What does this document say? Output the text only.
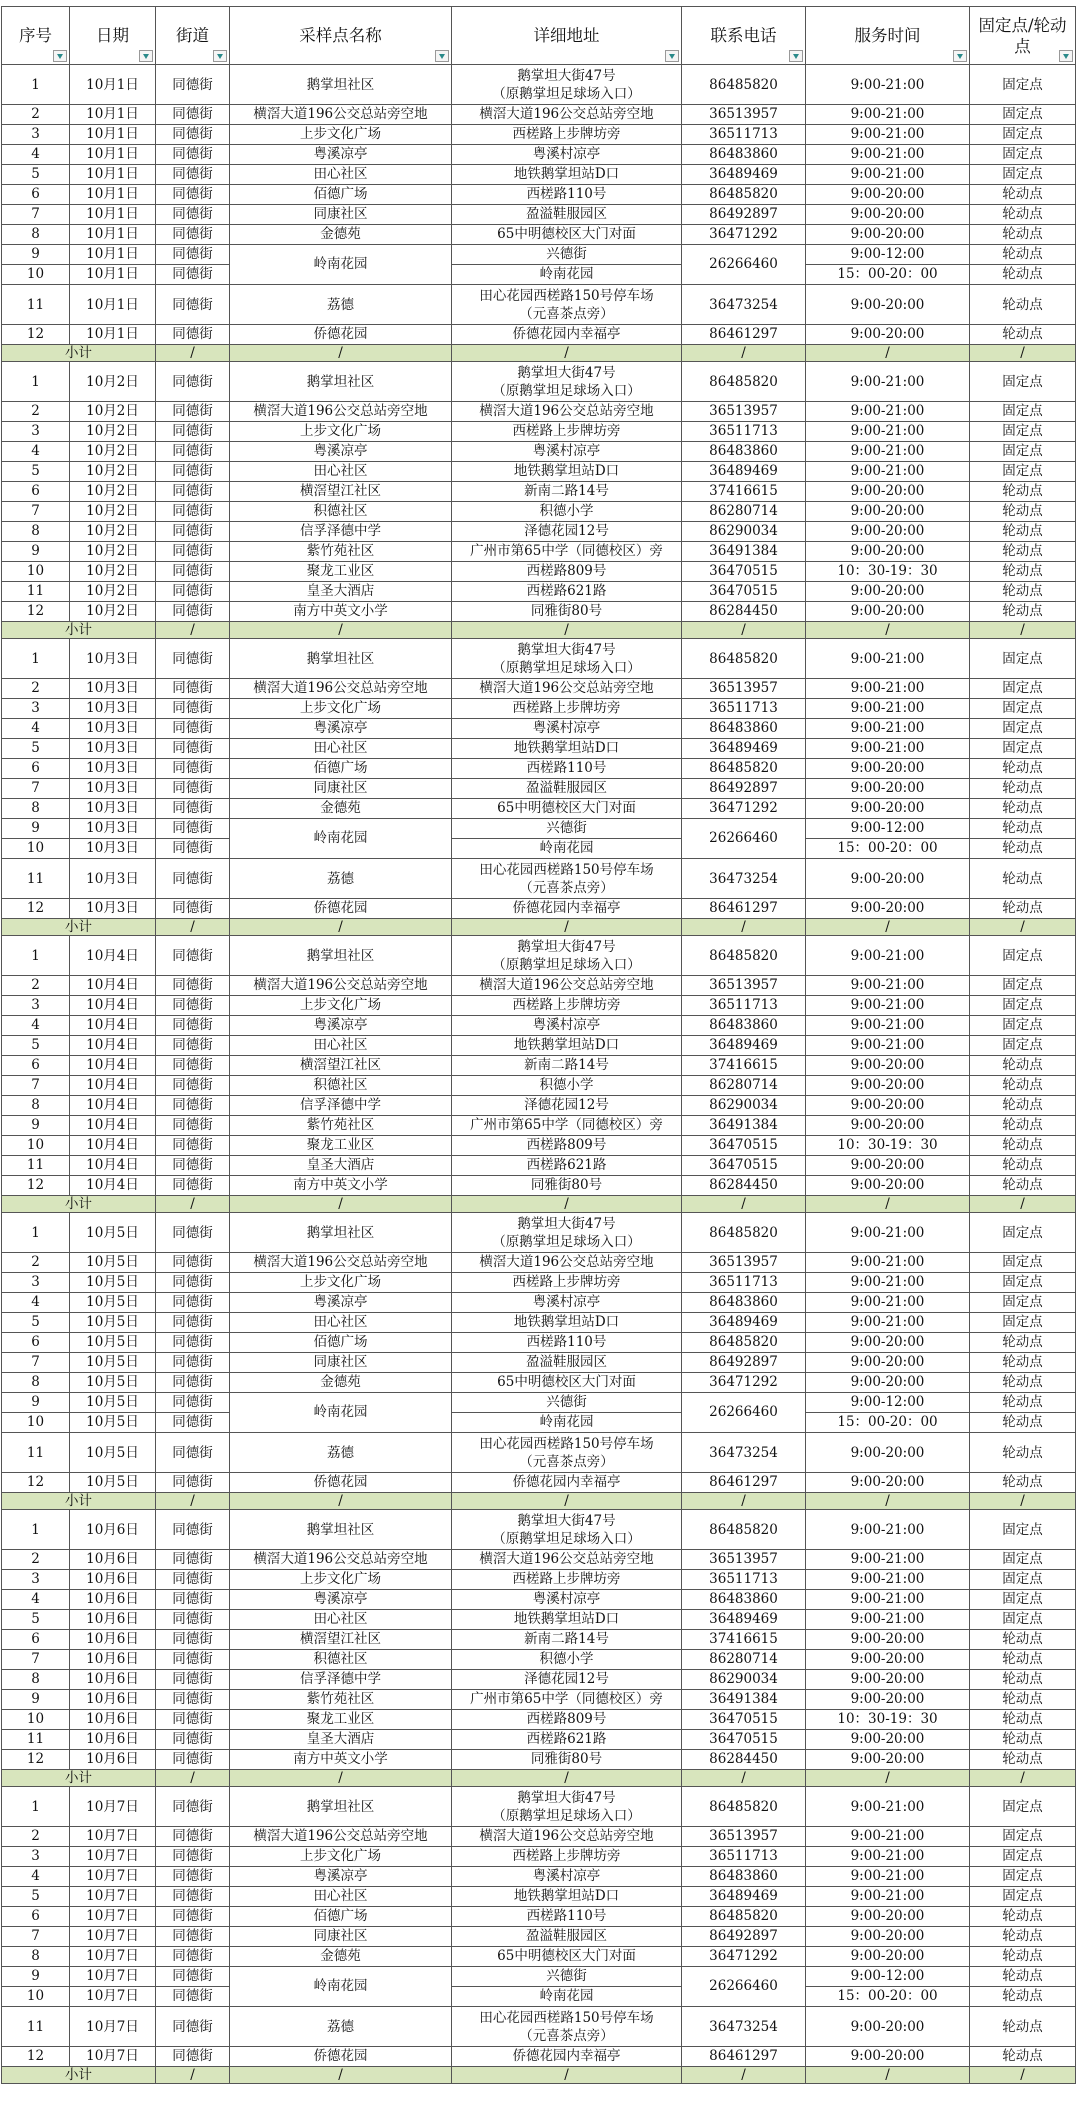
序号	日期	街道	采样点名称	详细地址	联系电话	服务时间	固定点/轮动点

1	10月1日	同德街	鹅掌坦社区	鹅掌坦大街47号
（原鹅掌坦足球场入口）	86485820	9:00-21:00	固定点
2	10月1日	同德街	横滘大道196公交总站旁空地	横滘大道196公交总站旁空地	36513957	9:00-21:00	固定点
3	10月1日	同德街	上步文化广场	西槎路上步牌坊旁	36511713	9:00-21:00	固定点
4	10月1日	同德街	粤溪凉亭	粤溪村凉亭	86483860	9:00-21:00	固定点
5	10月1日	同德街	田心社区	地铁鹅掌坦站D口	36489469	9:00-21:00	固定点
6	10月1日	同德街	佰德广场	西槎路110号	86485820	9:00-20:00	轮动点
7	10月1日	同德街	同康社区	盈溢鞋服园区	86492897	9:00-20:00	轮动点
8	10月1日	同德街	金德苑	65中明德校区大门对面	36471292	9:00-20:00	轮动点
9	10月1日	同德街	岭南花园	兴德街	26266460	9:00-12:00	轮动点
10	10月1日	同德街		岭南花园		15：00-20：00	轮动点
11	10月1日	同德街	荔德	田心花园西槎路150号停车场
（元喜茶点旁）	36473254	9:00-20:00	轮动点
12	10月1日	同德街	侨德花园	侨德花园内幸福亭	86461297	9:00-20:00	轮动点
小计		/	/	/	/	/	/
1	10月2日	同德街	鹅掌坦社区	鹅掌坦大街47号
（原鹅掌坦足球场入口）	86485820	9:00-21:00	固定点
2	10月2日	同德街	横滘大道196公交总站旁空地	横滘大道196公交总站旁空地	36513957	9:00-21:00	固定点
3	10月2日	同德街	上步文化广场	西槎路上步牌坊旁	36511713	9:00-21:00	固定点
4	10月2日	同德街	粤溪凉亭	粤溪村凉亭	86483860	9:00-21:00	固定点
5	10月2日	同德街	田心社区	地铁鹅掌坦站D口	36489469	9:00-21:00	固定点
6	10月2日	同德街	横滘望江社区	新南二路14号	37416615	9:00-20:00	轮动点
7	10月2日	同德街	积德社区	积德小学	86280714	9:00-20:00	轮动点
8	10月2日	同德街	信孚泽德中学	泽德花园12号	86290034	9:00-20:00	轮动点
9	10月2日	同德街	紫竹苑社区	广州市第65中学（同德校区）旁	36491384	9:00-20:00	轮动点
10	10月2日	同德街	聚龙工业区	西槎路809号	36470515	10：30-19：30	轮动点
11	10月2日	同德街	皇圣大酒店	西槎路621路	36470515	9:00-20:00	轮动点
12	10月2日	同德街	南方中英文小学	同雅街80号	86284450	9:00-20:00	轮动点
小计		/	/	/	/	/	/
1	10月3日	同德街	鹅掌坦社区	鹅掌坦大街47号
（原鹅掌坦足球场入口）	86485820	9:00-21:00	固定点
2	10月3日	同德街	横滘大道196公交总站旁空地	横滘大道196公交总站旁空地	36513957	9:00-21:00	固定点
3	10月3日	同德街	上步文化广场	西槎路上步牌坊旁	36511713	9:00-21:00	固定点
4	10月3日	同德街	粤溪凉亭	粤溪村凉亭	86483860	9:00-21:00	固定点
5	10月3日	同德街	田心社区	地铁鹅掌坦站D口	36489469	9:00-21:00	固定点
6	10月3日	同德街	佰德广场	西槎路110号	86485820	9:00-20:00	轮动点
7	10月3日	同德街	同康社区	盈溢鞋服园区	86492897	9:00-20:00	轮动点
8	10月3日	同德街	金德苑	65中明德校区大门对面	36471292	9:00-20:00	轮动点
9	10月3日	同德街	岭南花园	兴德街	26266460	9:00-12:00	轮动点
10	10月3日	同德街		岭南花园		15：00-20：00	轮动点
11	10月3日	同德街	荔德	田心花园西槎路150号停车场
（元喜茶点旁）	36473254	9:00-20:00	轮动点
12	10月3日	同德街	侨德花园	侨德花园内幸福亭	86461297	9:00-20:00	轮动点
小计		/	/	/	/	/	/
1	10月4日	同德街	鹅掌坦社区	鹅掌坦大街47号
（原鹅掌坦足球场入口）	86485820	9:00-21:00	固定点
2	10月4日	同德街	横滘大道196公交总站旁空地	横滘大道196公交总站旁空地	36513957	9:00-21:00	固定点
3	10月4日	同德街	上步文化广场	西槎路上步牌坊旁	36511713	9:00-21:00	固定点
4	10月4日	同德街	粤溪凉亭	粤溪村凉亭	86483860	9:00-21:00	固定点
5	10月4日	同德街	田心社区	地铁鹅掌坦站D口	36489469	9:00-21:00	固定点
6	10月4日	同德街	横滘望江社区	新南二路14号	37416615	9:00-20:00	轮动点
7	10月4日	同德街	积德社区	积德小学	86280714	9:00-20:00	轮动点
8	10月4日	同德街	信孚泽德中学	泽德花园12号	86290034	9:00-20:00	轮动点
9	10月4日	同德街	紫竹苑社区	广州市第65中学（同德校区）旁	36491384	9:00-20:00	轮动点
10	10月4日	同德街	聚龙工业区	西槎路809号	36470515	10：30-19：30	轮动点
11	10月4日	同德街	皇圣大酒店	西槎路621路	36470515	9:00-20:00	轮动点
12	10月4日	同德街	南方中英文小学	同雅街80号	86284450	9:00-20:00	轮动点
小计		/	/	/	/	/	/
1	10月5日	同德街	鹅掌坦社区	鹅掌坦大街47号
（原鹅掌坦足球场入口）	86485820	9:00-21:00	固定点
2	10月5日	同德街	横滘大道196公交总站旁空地	横滘大道196公交总站旁空地	36513957	9:00-21:00	固定点
3	10月5日	同德街	上步文化广场	西槎路上步牌坊旁	36511713	9:00-21:00	固定点
4	10月5日	同德街	粤溪凉亭	粤溪村凉亭	86483860	9:00-21:00	固定点
5	10月5日	同德街	田心社区	地铁鹅掌坦站D口	36489469	9:00-21:00	固定点
6	10月5日	同德街	佰德广场	西槎路110号	86485820	9:00-20:00	轮动点
7	10月5日	同德街	同康社区	盈溢鞋服园区	86492897	9:00-20:00	轮动点
8	10月5日	同德街	金德苑	65中明德校区大门对面	36471292	9:00-20:00	轮动点
9	10月5日	同德街	岭南花园	兴德街	26266460	9:00-12:00	轮动点
10	10月5日	同德街		岭南花园		15：00-20：00	轮动点
11	10月5日	同德街	荔德	田心花园西槎路150号停车场
（元喜茶点旁）	36473254	9:00-20:00	轮动点
12	10月5日	同德街	侨德花园	侨德花园内幸福亭	86461297	9:00-20:00	轮动点
小计		/	/	/	/	/	/
1	10月6日	同德街	鹅掌坦社区	鹅掌坦大街47号
（原鹅掌坦足球场入口）	86485820	9:00-21:00	固定点
2	10月6日	同德街	横滘大道196公交总站旁空地	横滘大道196公交总站旁空地	36513957	9:00-21:00	固定点
3	10月6日	同德街	上步文化广场	西槎路上步牌坊旁	36511713	9:00-21:00	固定点
4	10月6日	同德街	粤溪凉亭	粤溪村凉亭	86483860	9:00-21:00	固定点
5	10月6日	同德街	田心社区	地铁鹅掌坦站D口	36489469	9:00-21:00	固定点
6	10月6日	同德街	横滘望江社区	新南二路14号	37416615	9:00-20:00	轮动点
7	10月6日	同德街	积德社区	积德小学	86280714	9:00-20:00	轮动点
8	10月6日	同德街	信孚泽德中学	泽德花园12号	86290034	9:00-20:00	轮动点
9	10月6日	同德街	紫竹苑社区	广州市第65中学（同德校区）旁	36491384	9:00-20:00	轮动点
10	10月6日	同德街	聚龙工业区	西槎路809号	36470515	10：30-19：30	轮动点
11	10月6日	同德街	皇圣大酒店	西槎路621路	36470515	9:00-20:00	轮动点
12	10月6日	同德街	南方中英文小学	同雅街80号	86284450	9:00-20:00	轮动点
小计		/	/	/	/	/	/
1	10月7日	同德街	鹅掌坦社区	鹅掌坦大街47号
（原鹅掌坦足球场入口）	86485820	9:00-21:00	固定点
2	10月7日	同德街	横滘大道196公交总站旁空地	横滘大道196公交总站旁空地	36513957	9:00-21:00	固定点
3	10月7日	同德街	上步文化广场	西槎路上步牌坊旁	36511713	9:00-21:00	固定点
4	10月7日	同德街	粤溪凉亭	粤溪村凉亭	86483860	9:00-21:00	固定点
5	10月7日	同德街	田心社区	地铁鹅掌坦站D口	36489469	9:00-21:00	固定点
6	10月7日	同德街	佰德广场	西槎路110号	86485820	9:00-20:00	轮动点
7	10月7日	同德街	同康社区	盈溢鞋服园区	86492897	9:00-20:00	轮动点
8	10月7日	同德街	金德苑	65中明德校区大门对面	36471292	9:00-20:00	轮动点
9	10月7日	同德街	岭南花园	兴德街	26266460	9:00-12:00	轮动点
10	10月7日	同德街		岭南花园		15：00-20：00	轮动点
11	10月7日	同德街	荔德	田心花园西槎路150号停车场
（元喜茶点旁）	36473254	9:00-20:00	轮动点
12	10月7日	同德街	侨德花园	侨德花园内幸福亭	86461297	9:00-20:00	轮动点
小计		/	/	/	/	/	/
